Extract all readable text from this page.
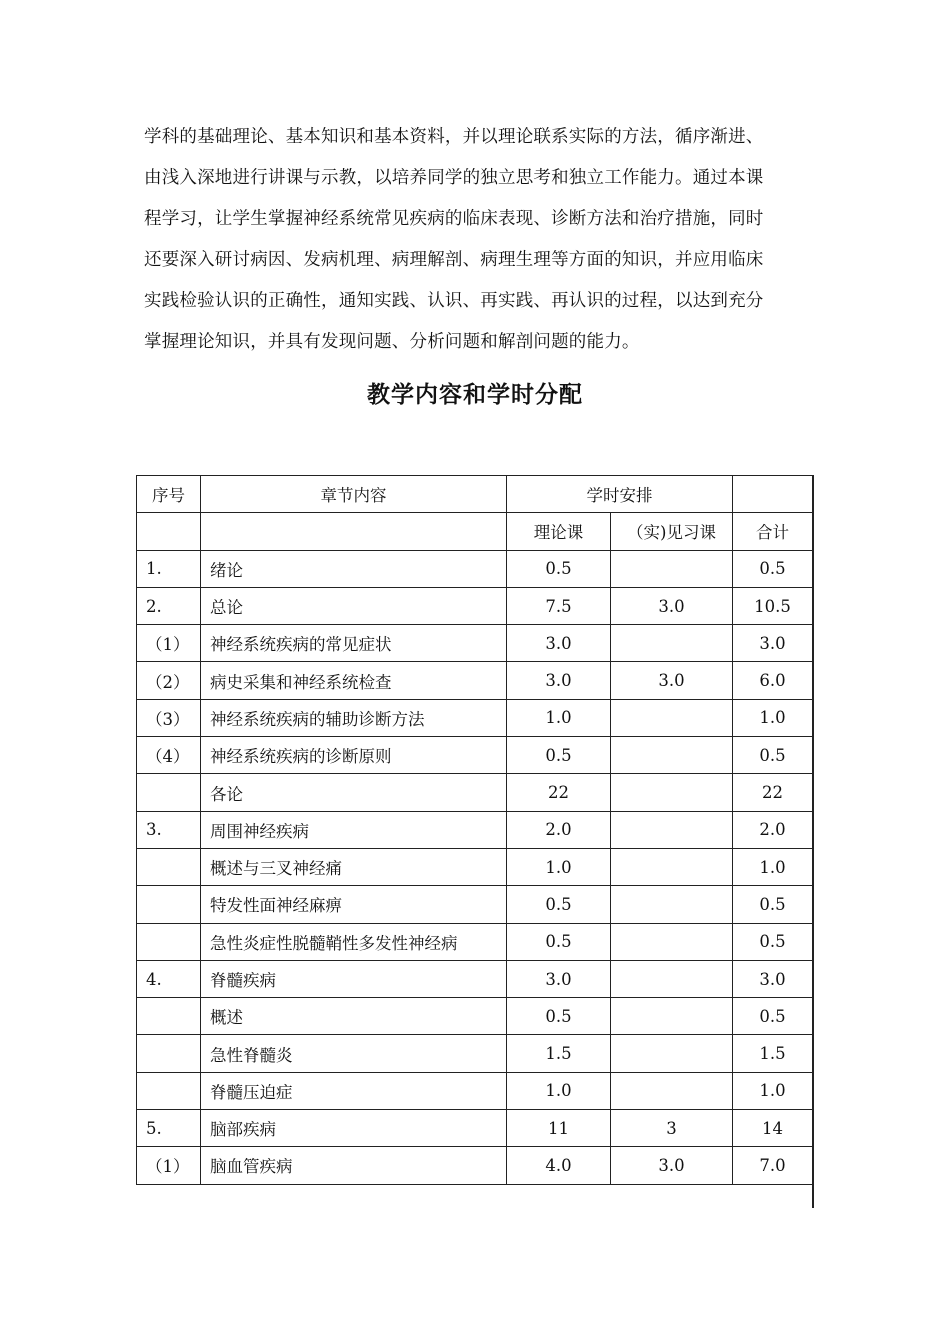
学科的基础理论、基本知识和基本资料，并以理论联系实际的方法，循序渐进、
由浅入深地进行讲课与示教，以培养同学的独立思考和独立工作能力。通过本课
程学习，让学生掌握神经系统常见疾病的临床表现、诊断方法和治疗措施，同时
还要深入研讨病因、发病机理、病理解剖、病理生理等方面的知识，并应用临床
实践检验认识的正确性，通知实践、认识、再实践、再认识的过程，以达到充分
掌握理论知识，并具有发现问题、分析问题和解剖问题的能力。
教学内容和学时分配
序号	章节内容	学时安排		
		理论课	（实)见习课	合计
1.	绪论	0.5		0.5
2.	总论	7.5	3.0	10.5
（1）	神经系统疾病的常见症状	3.0		3.0
（2）	病史采集和神经系统检查	3.0	3.0	6.0
（3）	神经系统疾病的辅助诊断方法	1.0		1.0
（4）	神经系统疾病的诊断原则	0.5		0.5
	各论	22		22
3.	周围神经疾病	2.0		2.0
	概述与三叉神经痛	1.0		1.0
	特发性面神经麻痹	0.5		0.5
	急性炎症性脱髓鞘性多发性神经病	0.5		0.5
4.	脊髓疾病	3.0		3.0
	概述	0.5		0.5
	急性脊髓炎	1.5		1.5
	脊髓压迫症	1.0		1.0
5.	脑部疾病	11	3	14
（1）	脑血管疾病	4.0	3.0	7.0
